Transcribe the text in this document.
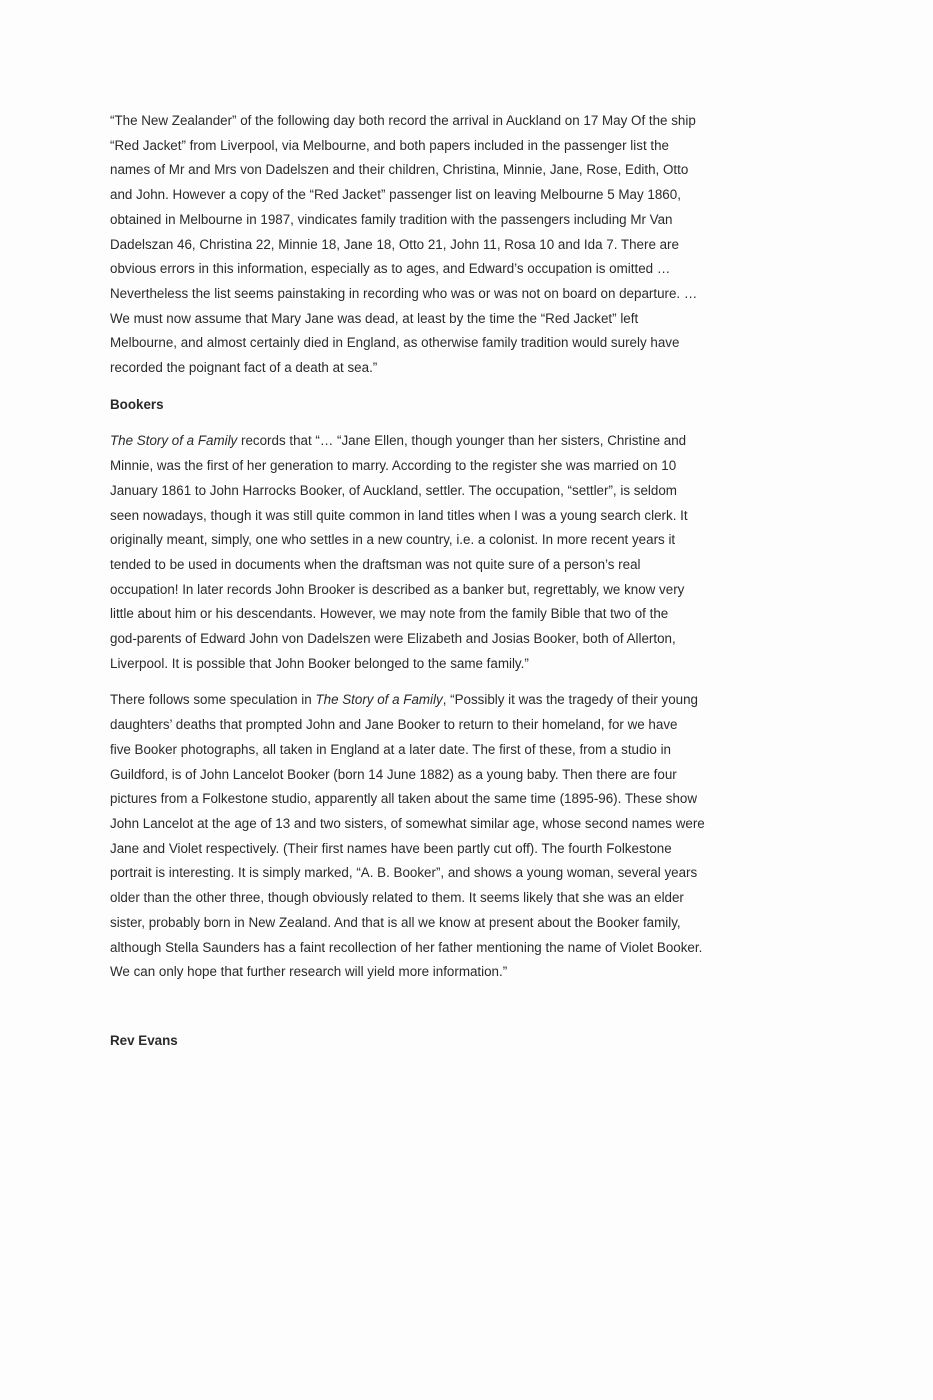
“The New Zealander” of the following day both record the arrival in Auckland on 17 May Of the ship
“Red Jacket” from Liverpool, via Melbourne, and both papers included in the passenger list the
names of Mr and Mrs von Dadelszen and their children, Christina, Minnie, Jane, Rose, Edith, Otto
and John. However a copy of the “Red Jacket” passenger list on leaving Melbourne 5 May 1860,
obtained in Melbourne in 1987, vindicates family tradition with the passengers including Mr Van
Dadelszan 46, Christina 22, Minnie 18, Jane 18, Otto 21, John 11, Rosa 10 and Ida 7. There are
obvious errors in this information, especially as to ages, and Edward’s occupation is omitted …
Nevertheless the list seems painstaking in recording who was or was not on board on departure. …
We must now assume that Mary Jane was dead, at least by the time the “Red Jacket” left
Melbourne, and almost certainly died in England, as otherwise family tradition would surely have
recorded the poignant fact of a death at sea.”

Bookers

The Story of a Family records that “… “Jane Ellen, though younger than her sisters, Christine and
Minnie, was the first of her generation to marry. According to the register she was married on 10
January 1861 to John Harrocks Booker, of Auckland, settler. The occupation, “settler”, is seldom
seen nowadays, though it was still quite common in land titles when I was a young search clerk. It
originally meant, simply, one who settles in a new country, i.e. a colonist. In more recent years it
tended to be used in documents when the draftsman was not quite sure of a person’s real
occupation! In later records John Brooker is described as a banker but, regrettably, we know very
little about him or his descendants. However, we may note from the family Bible that two of the
god-parents of Edward John von Dadelszen were Elizabeth and Josias Booker, both of Allerton,
Liverpool. It is possible that John Booker belonged to the same family.”

There follows some speculation in The Story of a Family, “Possibly it was the tragedy of their young
daughters’ deaths that prompted John and Jane Booker to return to their homeland, for we have
five Booker photographs, all taken in England at a later date. The first of these, from a studio in
Guildford, is of John Lancelot Booker (born 14 June 1882) as a young baby. Then there are four
pictures from a Folkestone studio, apparently all taken about the same time (1895-96). These show
John Lancelot at the age of 13 and two sisters, of somewhat similar age, whose second names were
Jane and Violet respectively. (Their first names have been partly cut off). The fourth Folkestone
portrait is interesting. It is simply marked, “A. B. Booker”, and shows a young woman, several years
older than the other three, though obviously related to them. It seems likely that she was an elder
sister, probably born in New Zealand. And that is all we know at present about the Booker family,
although Stella Saunders has a faint recollection of her father mentioning the name of Violet Booker.
We can only hope that further research will yield more information.”

Rev Evans
